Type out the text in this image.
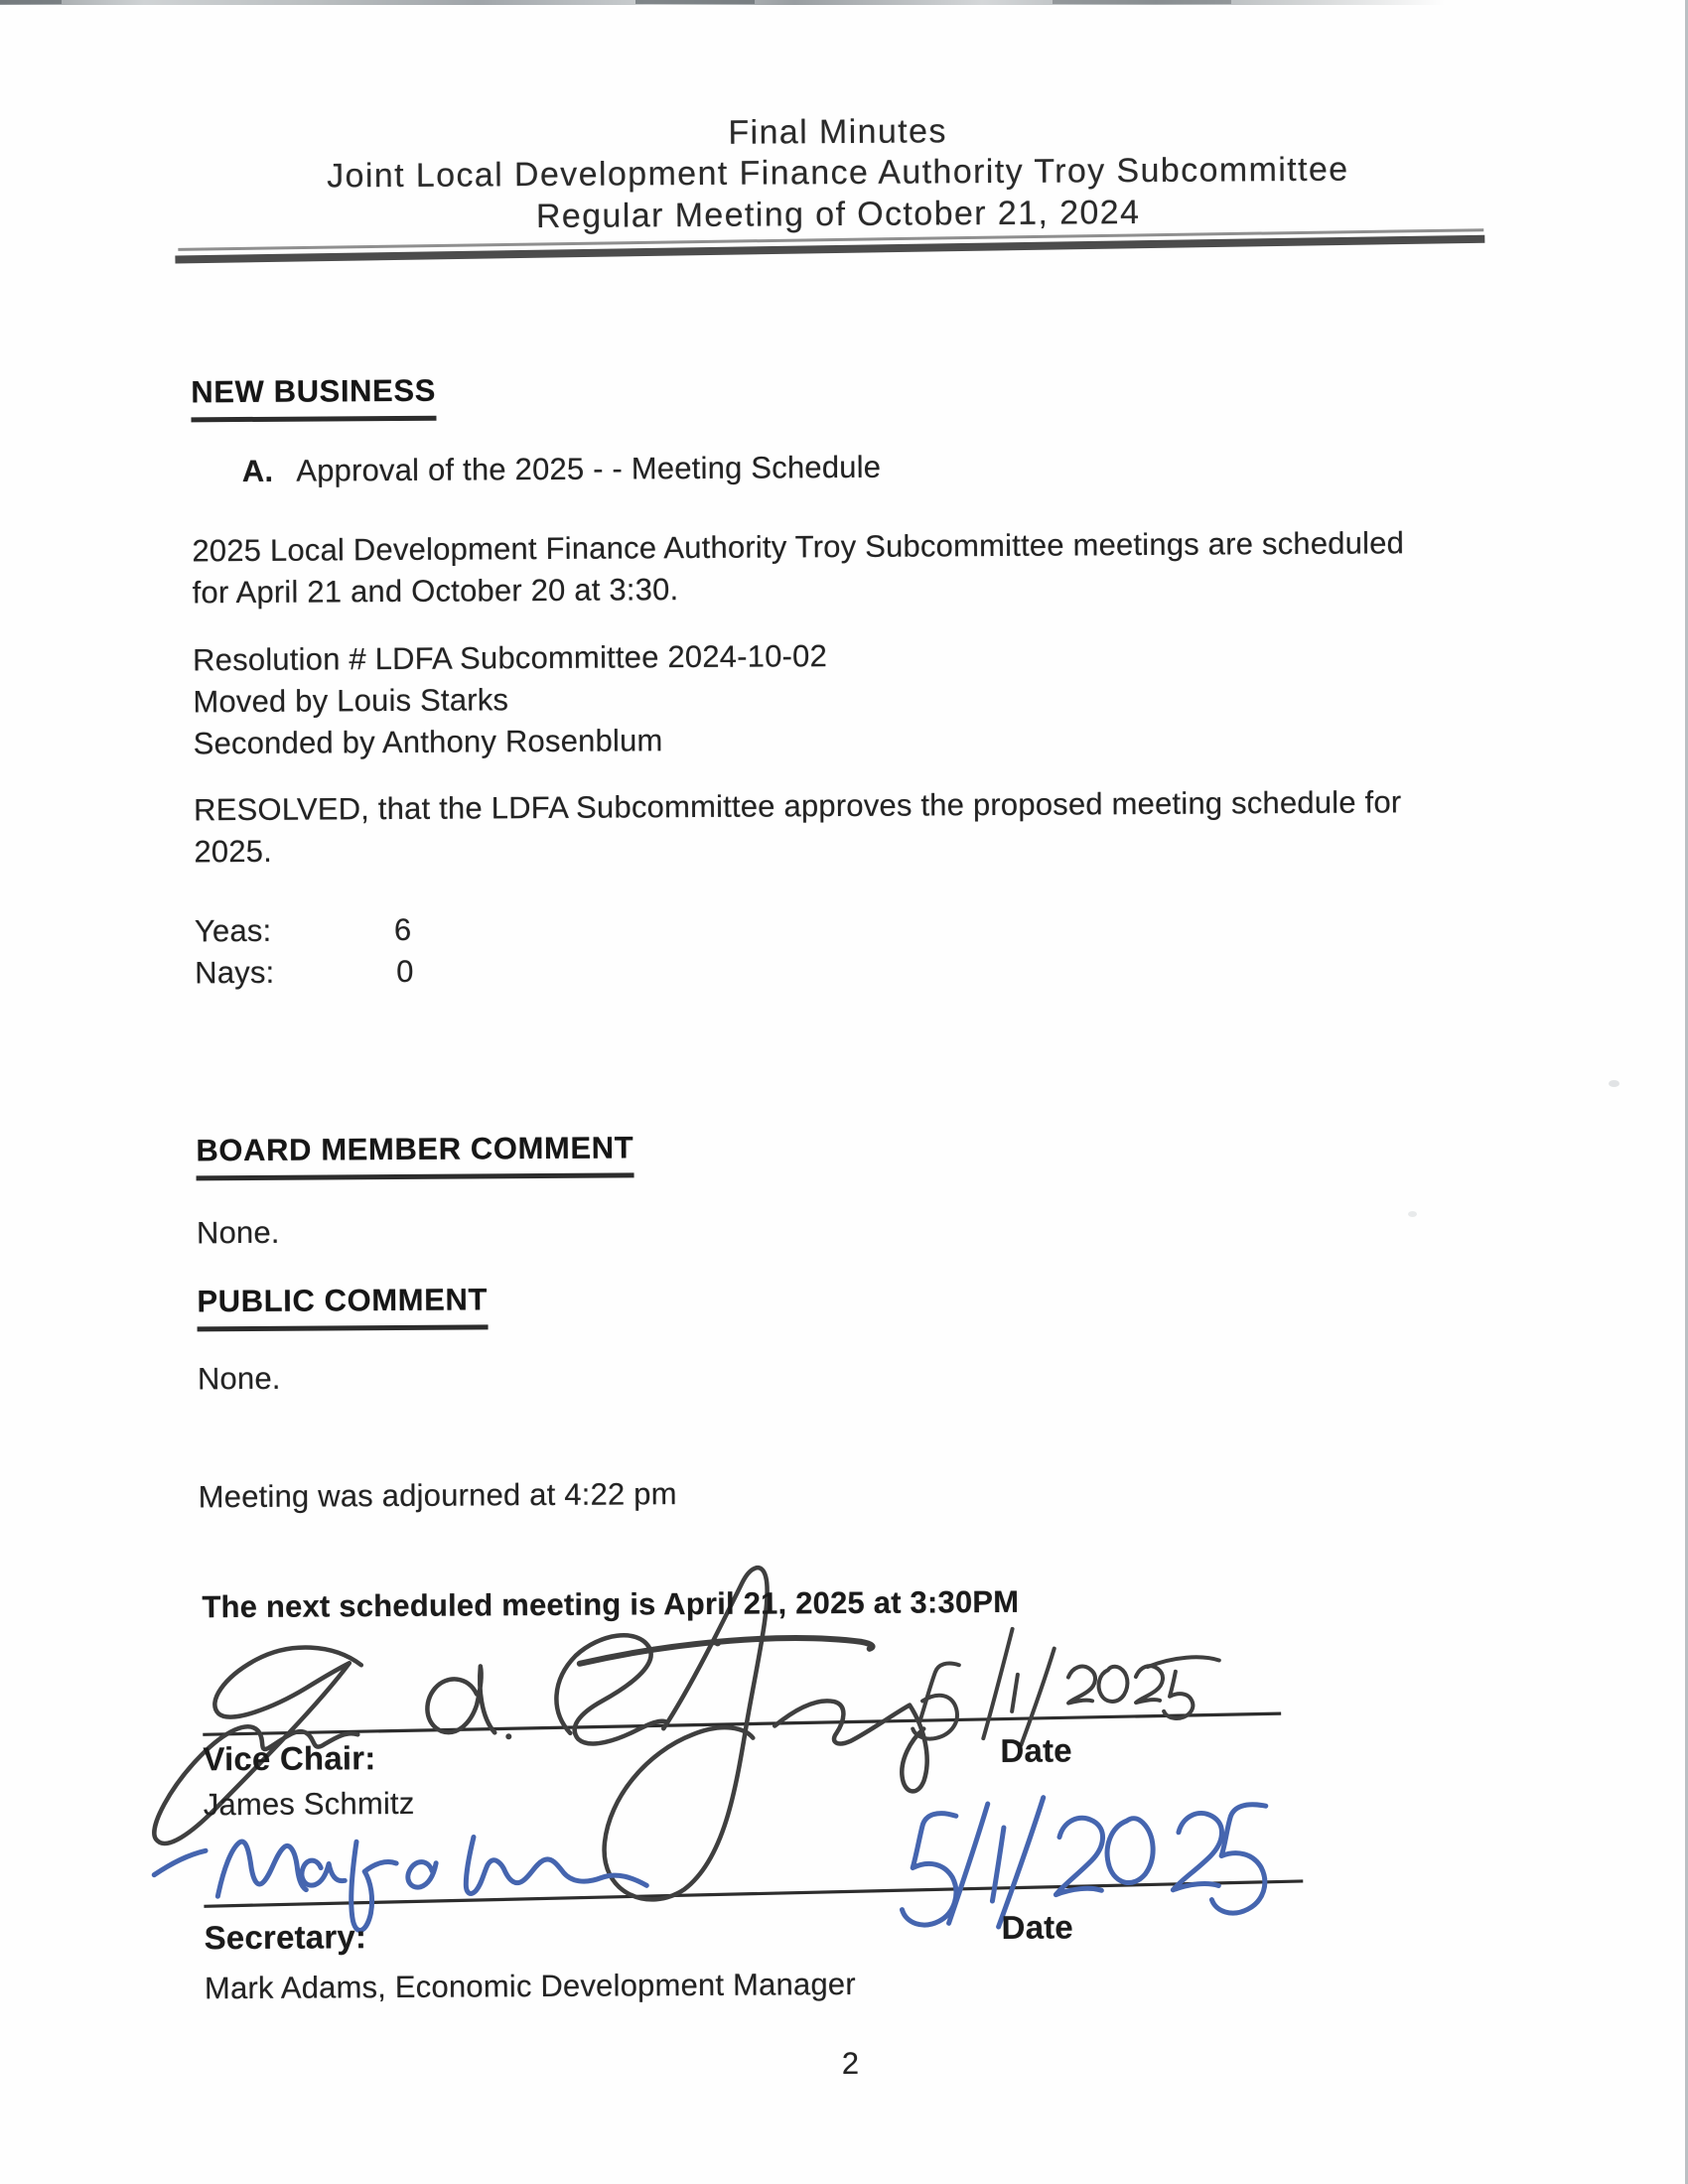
Final Minutes
Joint Local Development Finance Authority Troy Subcommittee
Regular Meeting of October 21, 2024
NEW BUSINESS
A. Approval of the 2025 - - Meeting Schedule
2025 Local Development Finance Authority Troy Subcommittee meetings are scheduled
for April 21 and October 20 at 3:30.
Resolution # LDFA Subcommittee 2024-10-02
Moved by Louis Starks
Seconded by Anthony Rosenblum
RESOLVED, that the LDFA Subcommittee approves the proposed meeting schedule for
2025.
Yeas:	6
Nays:	0
BOARD MEMBER COMMENT
None.
PUBLIC COMMENT
None.
Meeting was adjourned at 4:22 pm
The next scheduled meeting is April 21, 2025 at 3:30PM
Vice Chair:	Date
James Schmitz
Secretary:	Date
Mark Adams, Economic Development Manager
2
